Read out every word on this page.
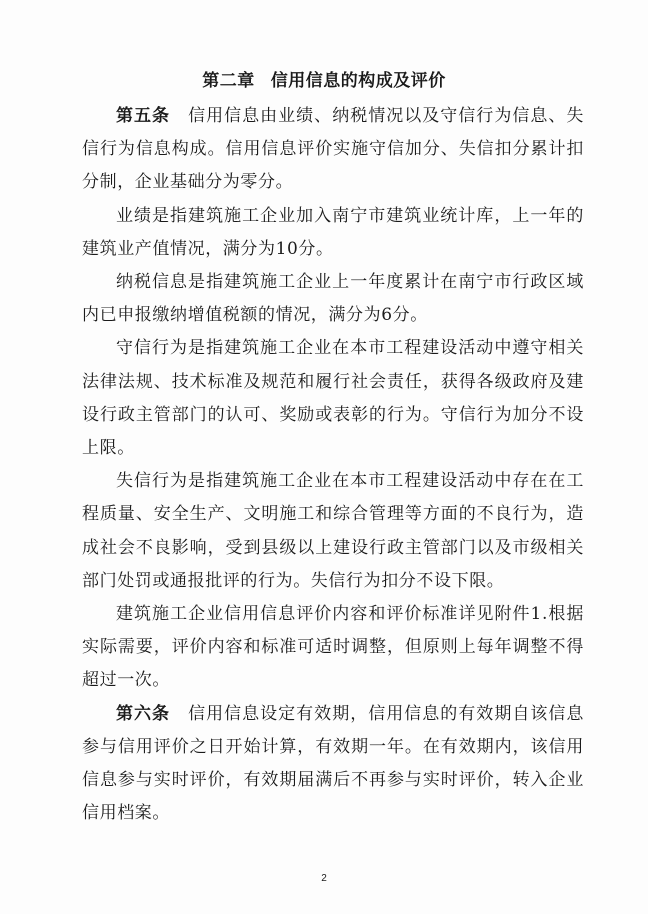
第二章 信用信息的构成及评价

第五条  信用信息由业绩、纳税情况以及守信行为信息、失信行为信息构成。信用信息评价实施守信加分、失信扣分累计扣分制，企业基础分为零分。

业绩是指建筑施工企业加入南宁市建筑业统计库，上一年的建筑业产值情况，满分为10分。

纳税信息是指建筑施工企业上一年度累计在南宁市行政区域内已申报缴纳增值税额的情况，满分为6分。

守信行为是指建筑施工企业在本市工程建设活动中遵守相关法律法规、技术标准及规范和履行社会责任，获得各级政府及建设行政主管部门的认可、奖励或表彰的行为。守信行为加分不设上限。

失信行为是指建筑施工企业在本市工程建设活动中存在在工程质量、安全生产、文明施工和综合管理等方面的不良行为，造成社会不良影响，受到县级以上建设行政主管部门以及市级相关部门处罚或通报批评的行为。失信行为扣分不设下限。

建筑施工企业信用信息评价内容和评价标准详见附件1.根据实际需要，评价内容和标准可适时调整，但原则上每年调整不得超过一次。

第六条  信用信息设定有效期，信用信息的有效期自该信息参与信用评价之日开始计算，有效期一年。在有效期内，该信用信息参与实时评价，有效期届满后不再参与实时评价，转入企业信用档案。

2
